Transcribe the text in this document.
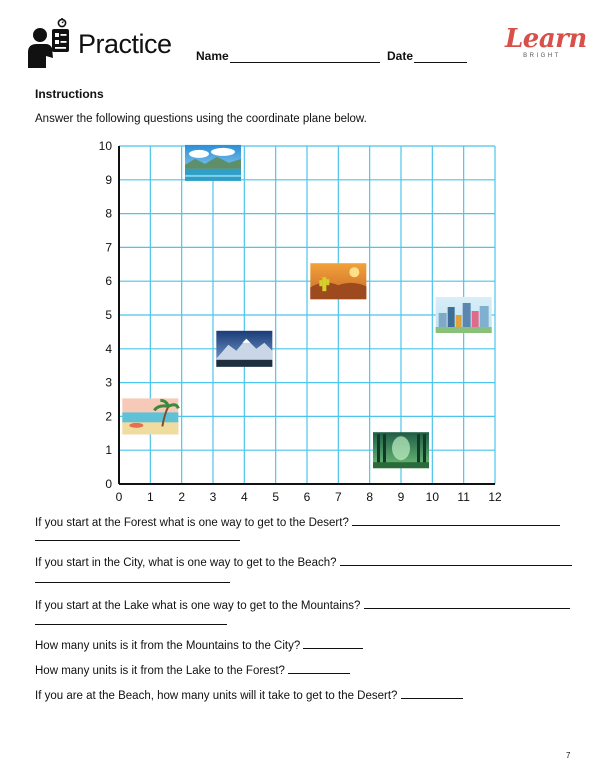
Practice Name	Date
Learn
BRIGHT
Instructions
Answer the following questions using the coordinate plane below.
0 1 2 3 4 5 6 7 8 9 10 11 12
0
1
2
3
4
5
6
7
8
9
10
If you start at the Forest what is one way to get to the Desert?
If you start in the City, what is one way to get to the Beach?
If you start at the Lake what is one way to get to the Mountains?
How many units is it from the Mountains to the City?
How many units is it from the Lake to the Forest?
If you are at the Beach, how many units will it take to get to the Desert?
7
